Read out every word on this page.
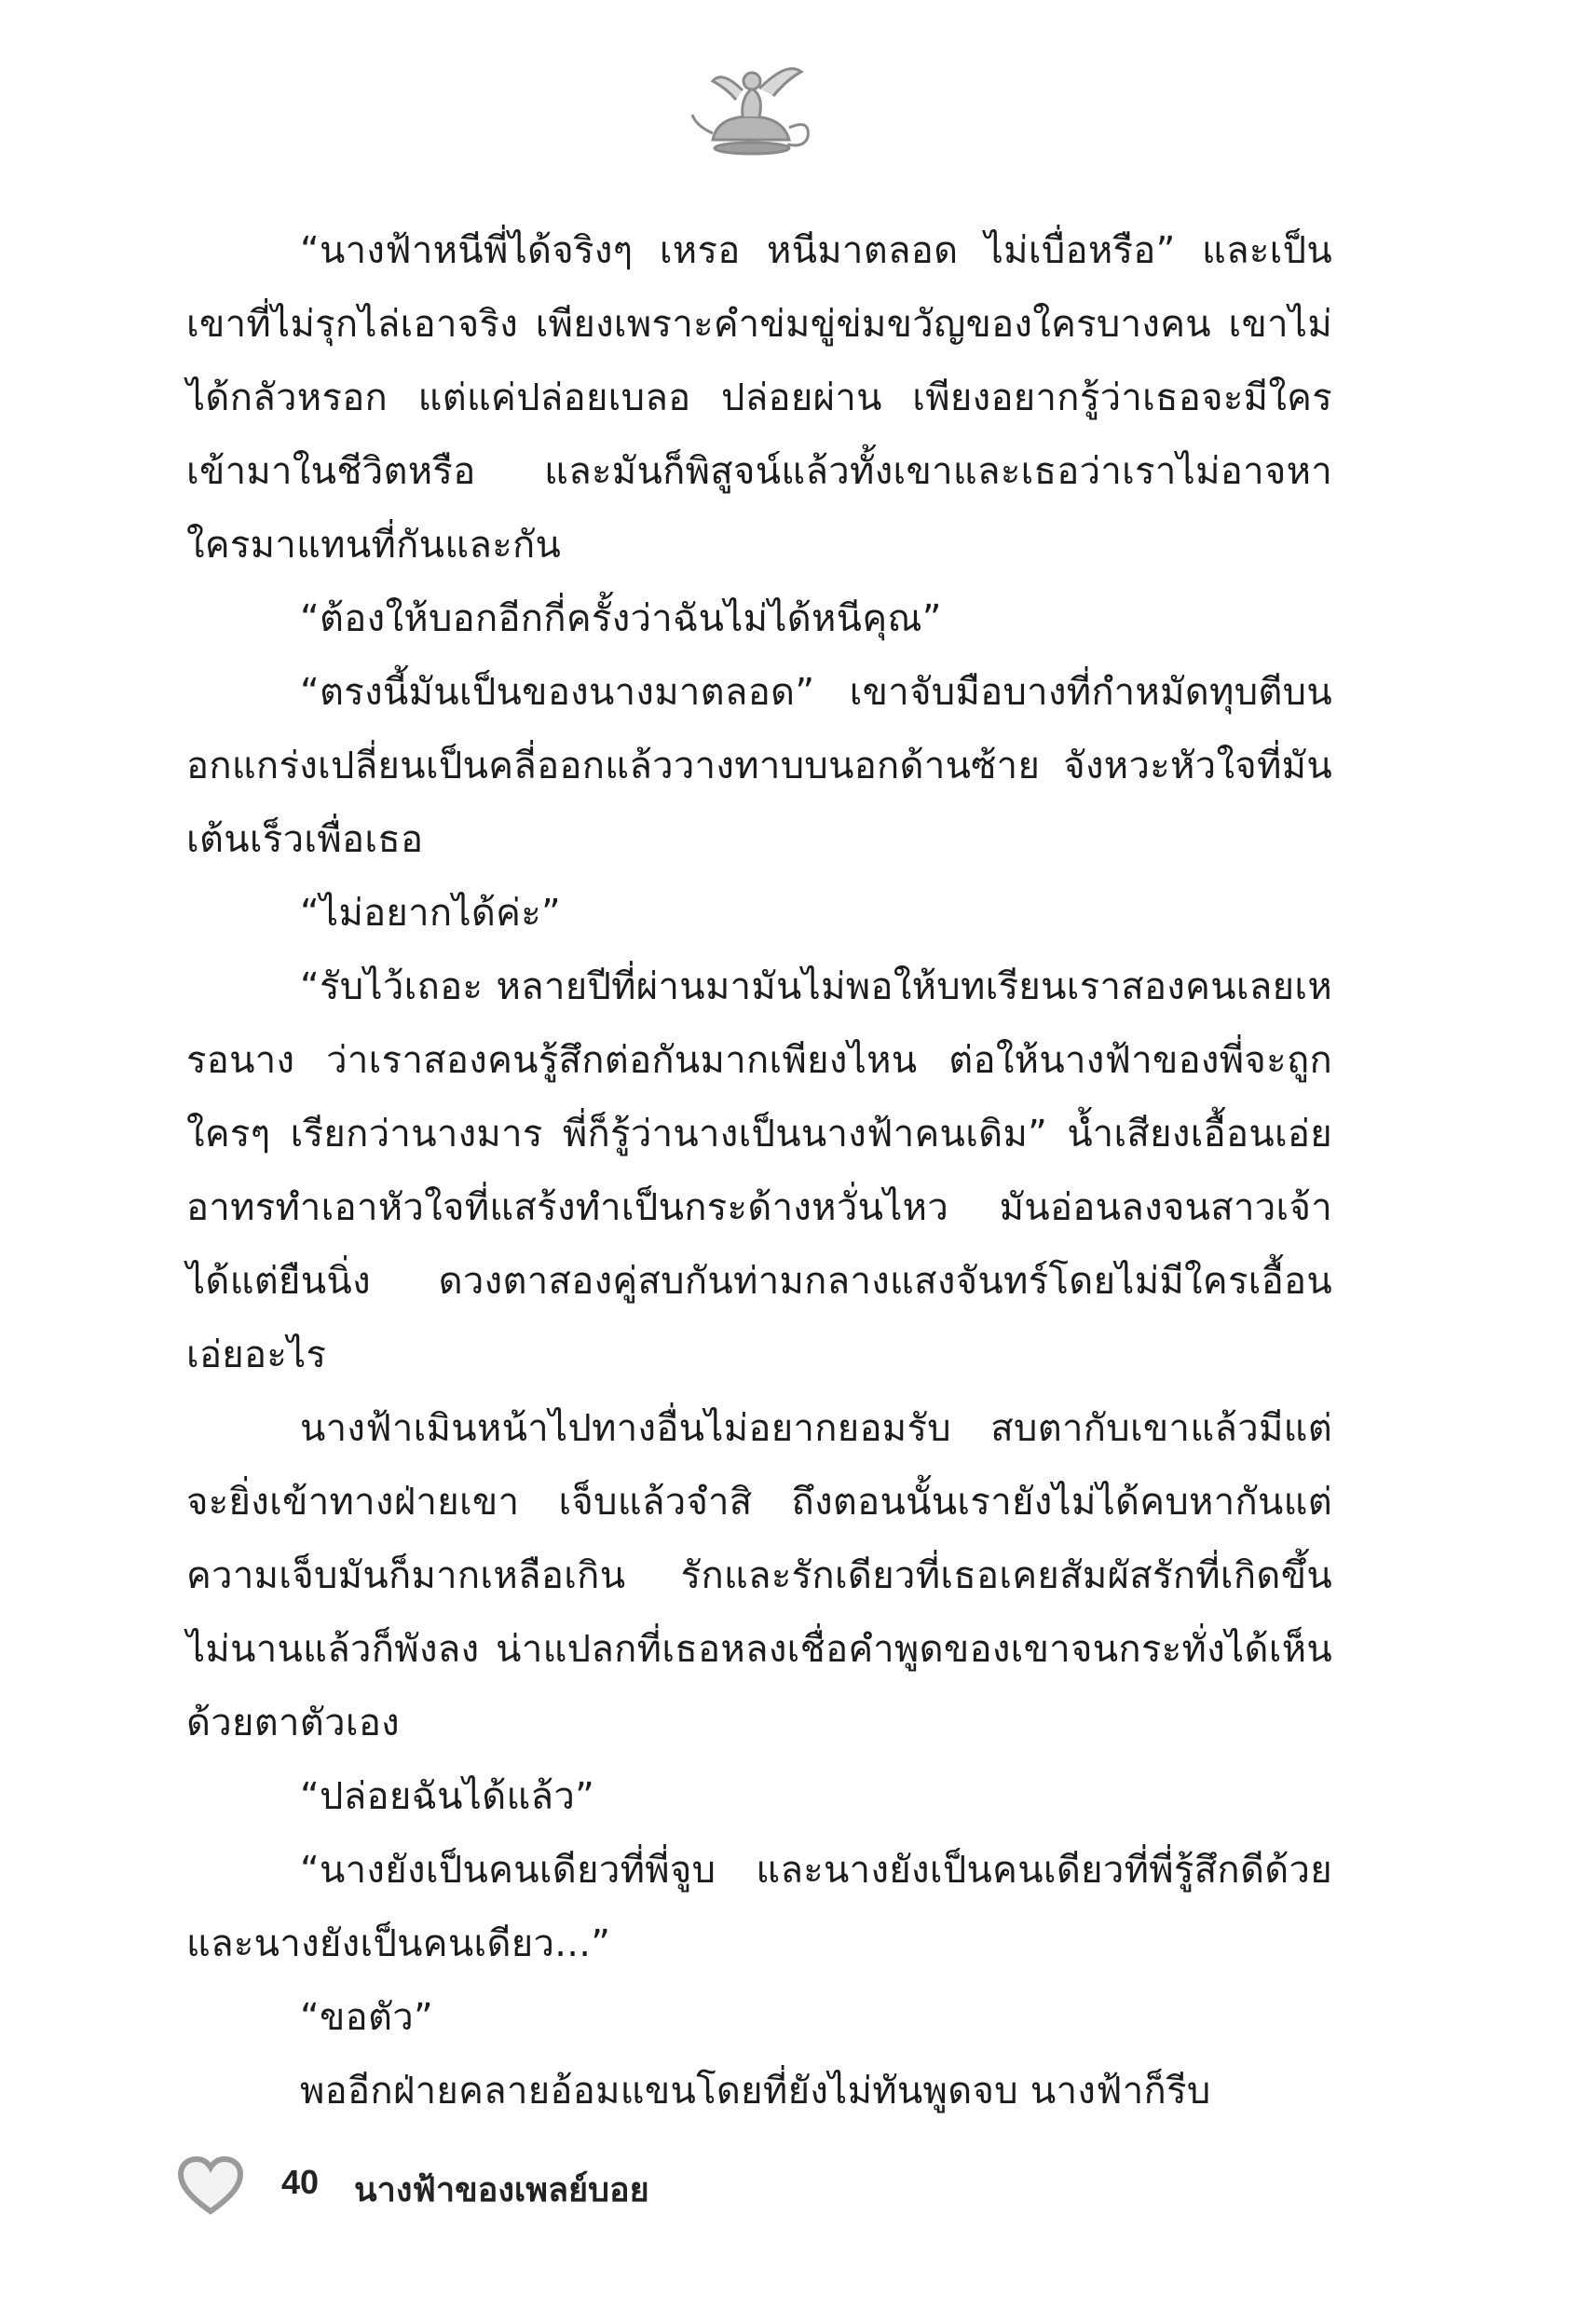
“นางฟ้าหนีพี่ได้จริงๆ เหรอ หนีมาตลอด ไม่เบื่อหรือ” และเป็นเขาที่ไม่รุกไล่เอาจริง เพียงเพราะคำข่มขู่ข่มขวัญของใครบางคน เขาไม่ได้กลัวหรอก แต่แค่ปล่อยเบลอ ปล่อยผ่าน เพียงอยากรู้ว่าเธอจะมีใครเข้ามาในชีวิตหรือ และมันก็พิสูจน์แล้วทั้งเขาและเธอว่าเราไม่อาจหาใครมาแทนที่กันและกัน

“ต้องให้บอกอีกกี่ครั้งว่าฉันไม่ได้หนีคุณ”

“ตรงนี้มันเป็นของนางมาตลอด” เขาจับมือบางที่กำหมัดทุบตีบนอกแกร่งเปลี่ยนเป็นคลี่ออกแล้ววางทาบบนอกด้านซ้าย จังหวะหัวใจที่มันเต้นเร็วเพื่อเธอ

“ไม่อยากได้ค่ะ”

“รับไว้เถอะ หลายปีที่ผ่านมามันไม่พอให้บทเรียนเราสองคนเลยเหรอนาง ว่าเราสองคนรู้สึกต่อกันมากเพียงไหน ต่อให้นางฟ้าของพี่จะถูกใครๆ เรียกว่านางมาร พี่ก็รู้ว่านางเป็นนางฟ้าคนเดิม” น้ำเสียงเอื้อนเอ่ยอาทรทำเอาหัวใจที่แสร้งทำเป็นกระด้างหวั่นไหว มันอ่อนลงจนสาวเจ้าได้แต่ยืนนิ่ง ดวงตาสองคู่สบกันท่ามกลางแสงจันทร์โดยไม่มีใครเอื้อนเอ่ยอะไร

นางฟ้าเมินหน้าไปทางอื่นไม่อยากยอมรับ สบตากับเขาแล้วมีแต่จะยิ่งเข้าทางฝ่ายเขา เจ็บแล้วจำสิ ถึงตอนนั้นเรายังไม่ได้คบหากันแต่ความเจ็บมันก็มากเหลือเกิน รักและรักเดียวที่เธอเคยสัมผัสรักที่เกิดขึ้นไม่นานแล้วก็พังลง น่าแปลกที่เธอหลงเชื่อคำพูดของเขาจนกระทั่งได้เห็นด้วยตาตัวเอง

“ปล่อยฉันได้แล้ว”

“นางยังเป็นคนเดียวที่พี่จูบ และนางยังเป็นคนเดียวที่พี่รู้สึกดีด้วยและนางยังเป็นคนเดียว...”

“ขอตัว”

พออีกฝ่ายคลายอ้อมแขนโดยที่ยังไม่ทันพูดจบ นางฟ้าก็รีบ

40 นางฟ้าของเพลย์บอย
